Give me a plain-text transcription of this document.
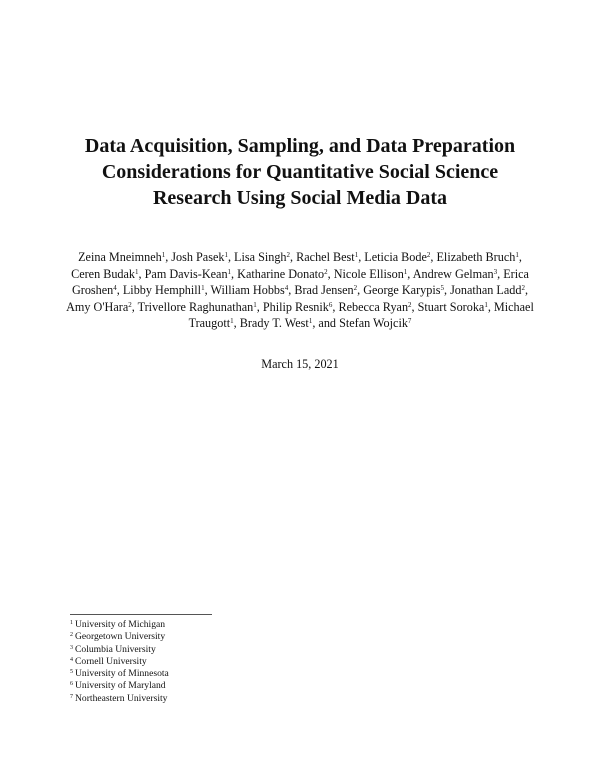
Data Acquisition, Sampling, and Data Preparation
Considerations for Quantitative Social Science
Research Using Social Media Data
Zeina Mneimneh$^1$, Josh Pasek$^1$, Lisa Singh$^2$, Rachel Best$^1$, Leticia Bode$^2$, Elizabeth Bruch$^1$,
Ceren Budak$^1$, Pam Davis-Kean$^1$, Katharine Donato$^2$, Nicole Ellison$^1$, Andrew Gelman$^3$, Erica
Groshen$^4$, Libby Hemphill$^1$, William Hobbs$^4$, Brad Jensen$^2$, George Karypis$^5$, Jonathan Ladd$^2$,
Amy O'Hara$^2$, Trivellore Raghunathan$^1$, Philip Resnik$^6$, Rebecca Ryan$^2$, Stuart Soroka$^1$, Michael
Traugott$^1$, Brady T. West$^1$, and Stefan Wojcik$^7$
March 15, 2021
$^1$ University of Michigan
$^2$ Georgetown University
$^3$ Columbia University
$^4$ Cornell University
$^5$ University of Minnesota
$^6$ University of Maryland
$^7$ Northeastern University
